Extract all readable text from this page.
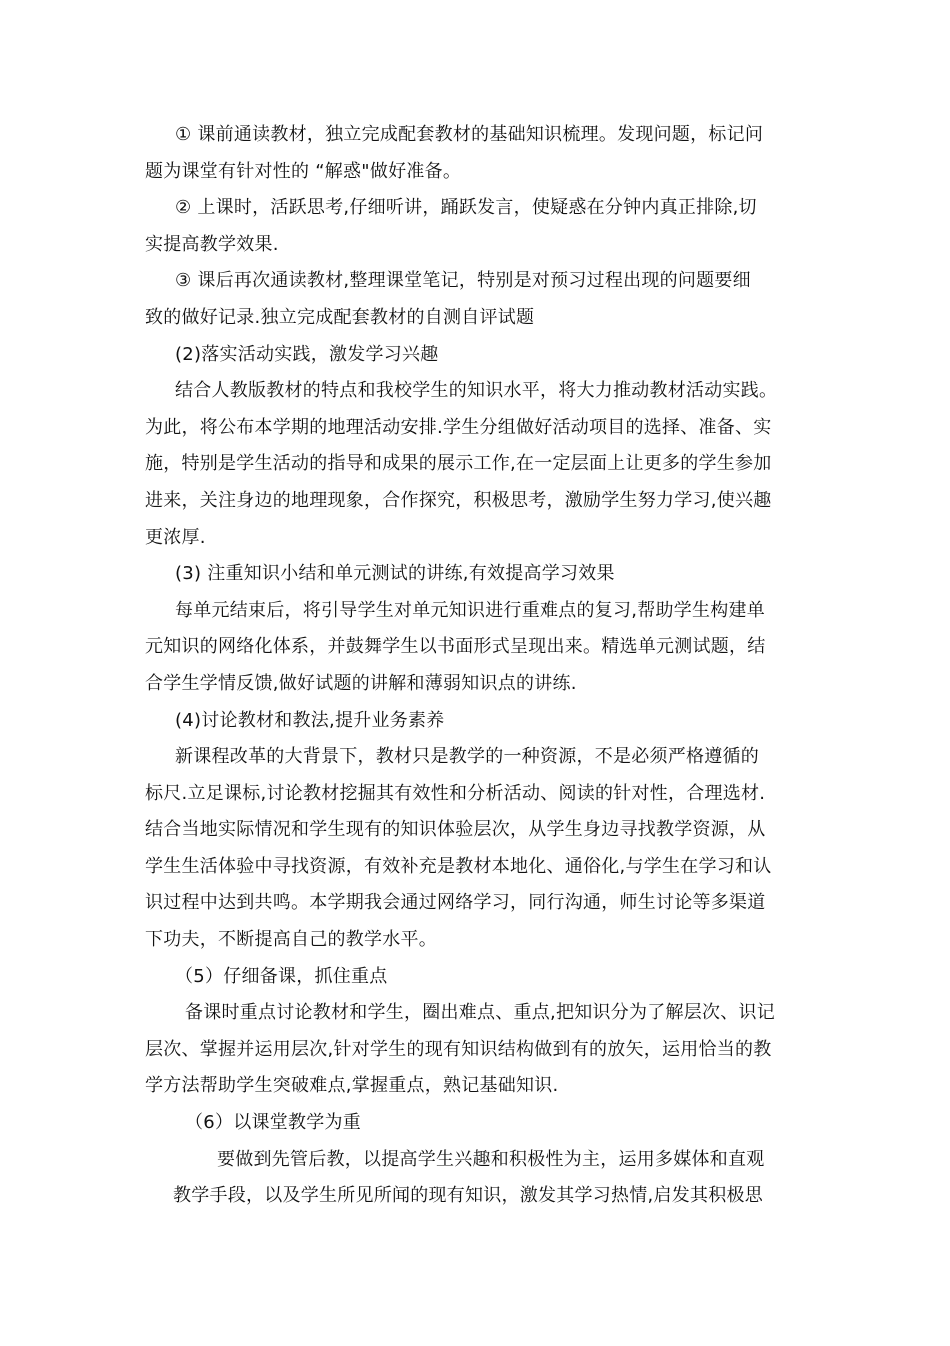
① 课前通读教材，独立完成配套教材的基础知识梳理。发现问题，标记问
题为课堂有针对性的 “解惑"做好准备。
② 上课时，活跃思考,仔细听讲，踊跃发言，使疑惑在分钟内真正排除,切
实提高教学效果.
③ 课后再次通读教材,整理课堂笔记，特别是对预习过程出现的问题要细
致的做好记录.独立完成配套教材的自测自评试题
(2)落实活动实践，激发学习兴趣
结合人教版教材的特点和我校学生的知识水平，将大力推动教材活动实践。
为此，将公布本学期的地理活动安排.学生分组做好活动项目的选择、准备、实
施，特别是学生活动的指导和成果的展示工作,在一定层面上让更多的学生参加
进来，关注身边的地理现象，合作探究，积极思考，激励学生努力学习,使兴趣
更浓厚.
(3) 注重知识小结和单元测试的讲练,有效提高学习效果
每单元结束后，将引导学生对单元知识进行重难点的复习,帮助学生构建单
元知识的网络化体系，并鼓舞学生以书面形式呈现出来。精选单元测试题，结
合学生学情反馈,做好试题的讲解和薄弱知识点的讲练.
(4)讨论教材和教法,提升业务素养
新课程改革的大背景下，教材只是教学的一种资源，不是必须严格遵循的
标尺.立足课标,讨论教材挖掘其有效性和分析活动、阅读的针对性，合理选材.
结合当地实际情况和学生现有的知识体验层次，从学生身边寻找教学资源，从
学生生活体验中寻找资源，有效补充是教材本地化、通俗化,与学生在学习和认
识过程中达到共鸣。本学期我会通过网络学习，同行沟通，师生讨论等多渠道
下功夫，不断提高自己的教学水平。
（5）仔细备课，抓住重点
备课时重点讨论教材和学生，圈出难点、重点,把知识分为了解层次、识记
层次、掌握并运用层次,针对学生的现有知识结构做到有的放矢，运用恰当的教
学方法帮助学生突破难点,掌握重点，熟记基础知识.
（6）以课堂教学为重
要做到先管后教，以提高学生兴趣和积极性为主，运用多媒体和直观
教学手段，以及学生所见所闻的现有知识，激发其学习热情,启发其积极思
